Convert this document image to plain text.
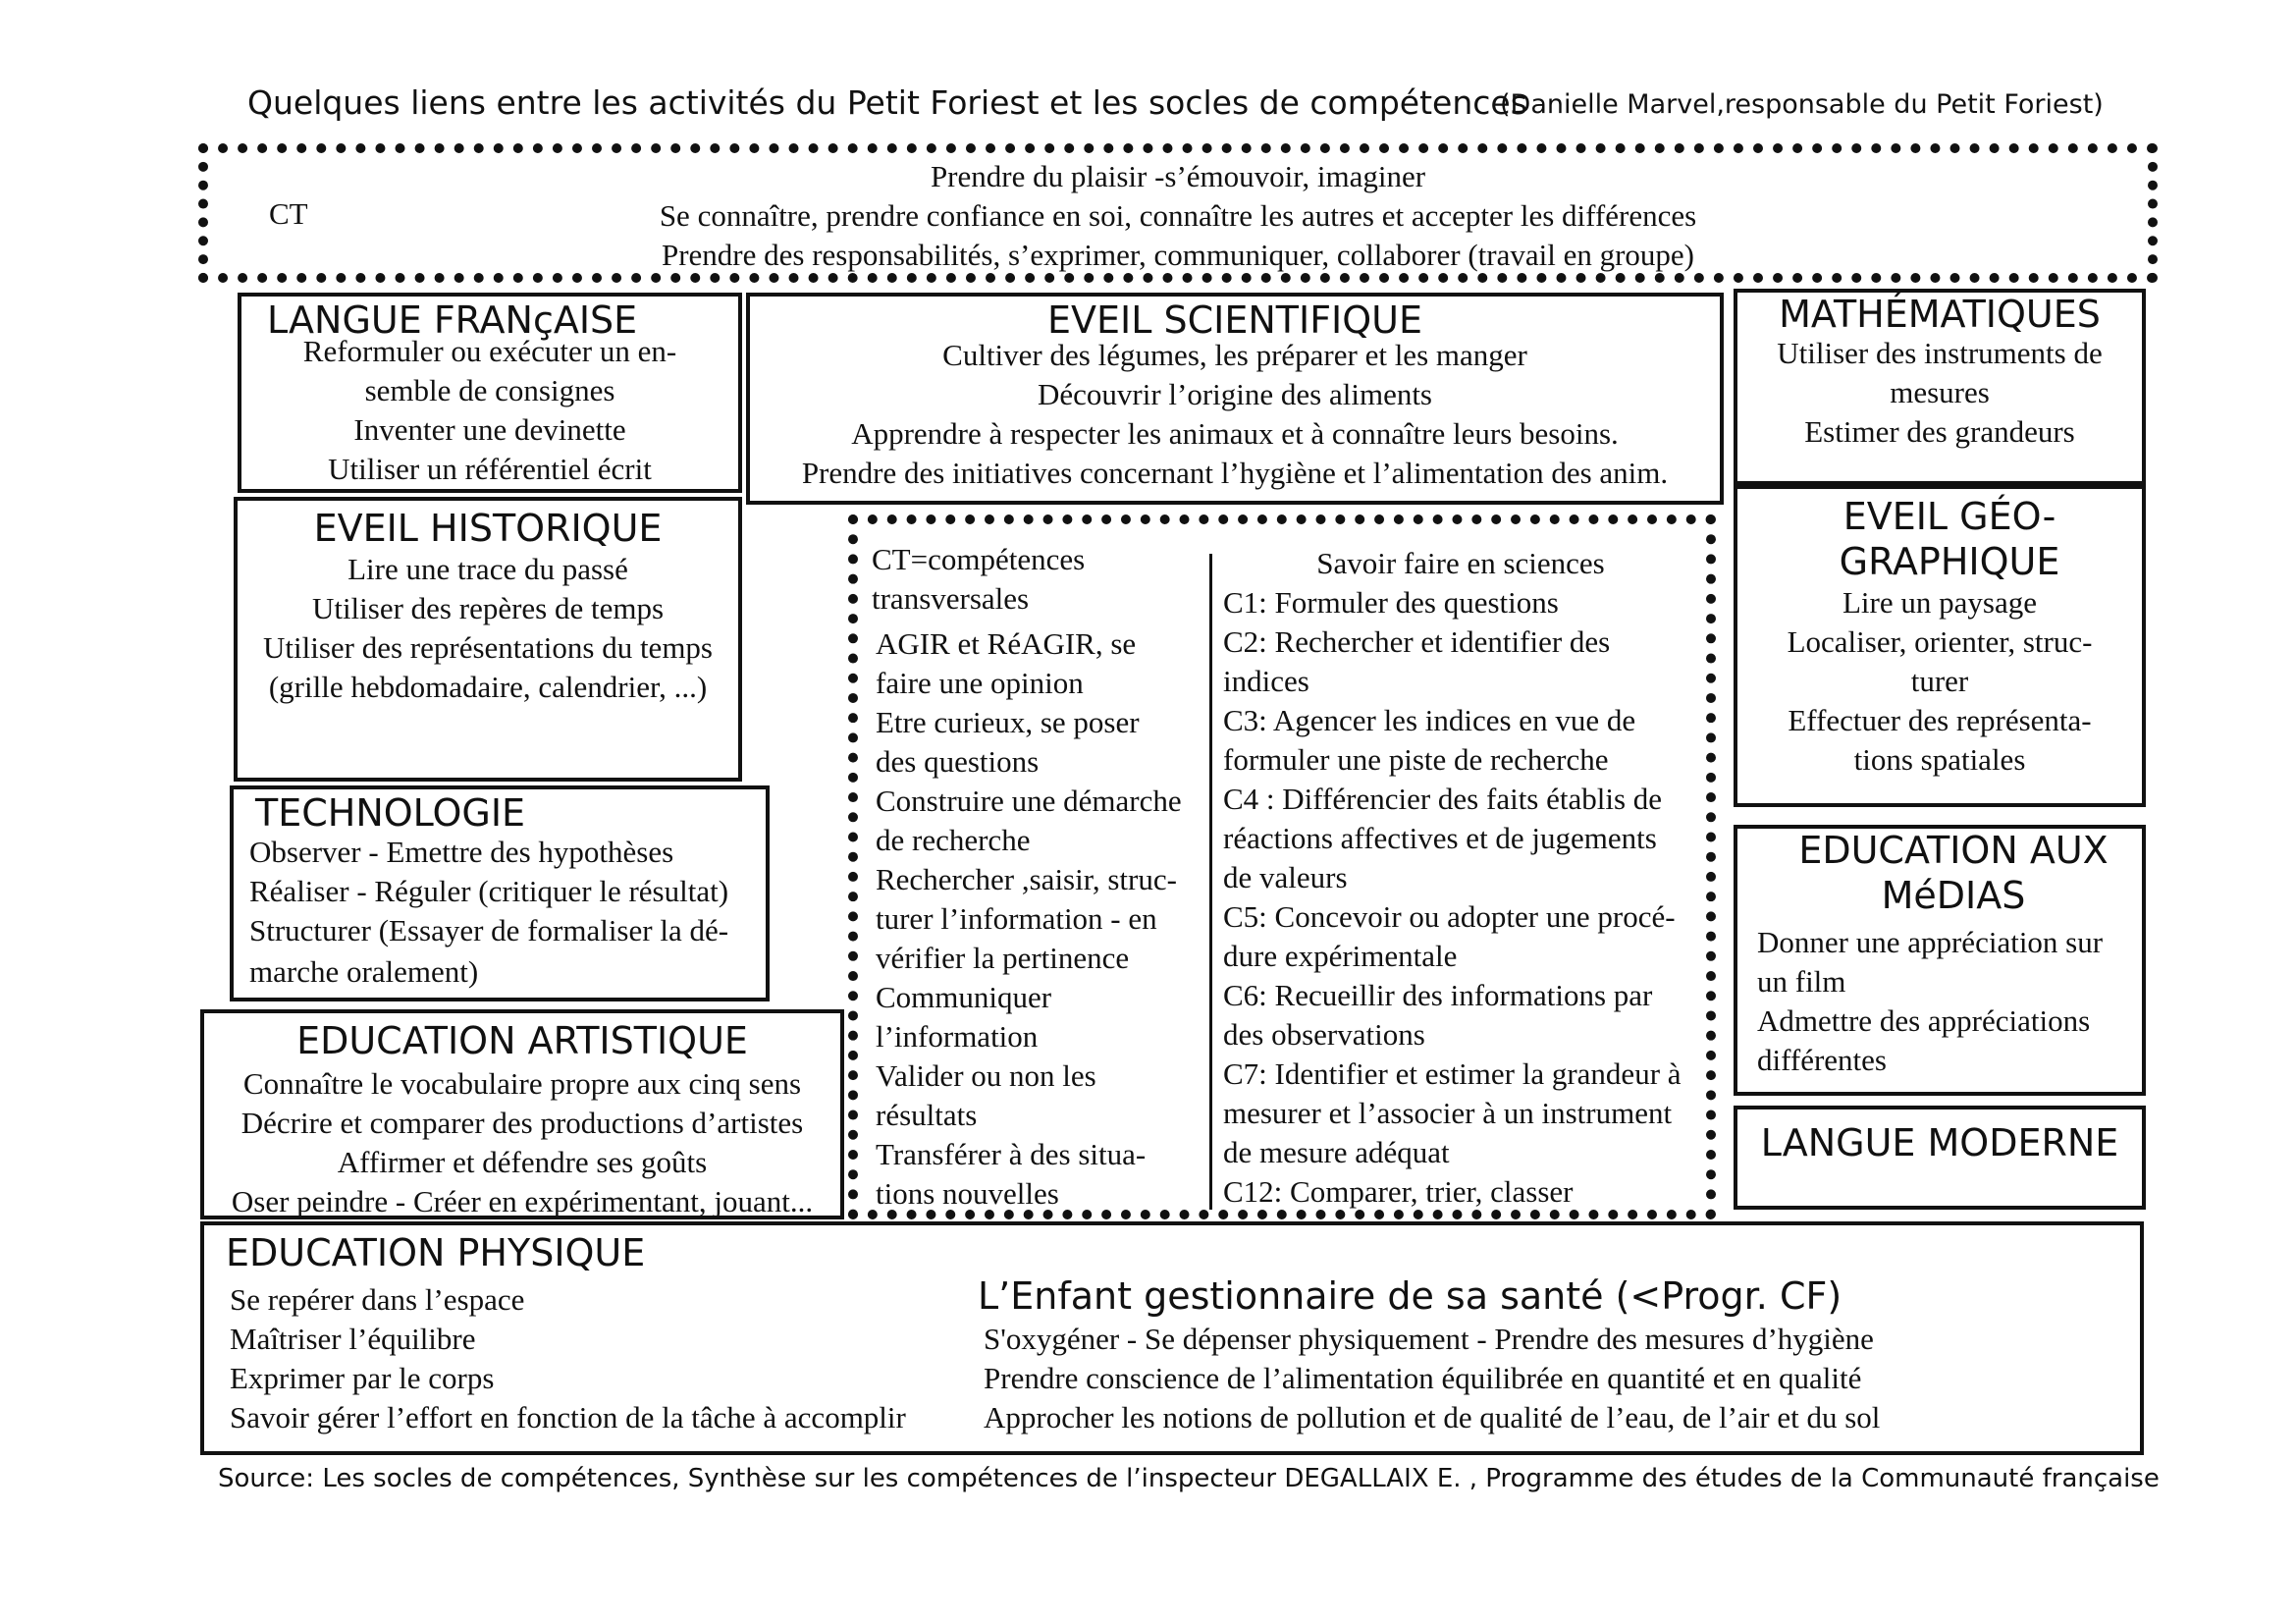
Quelques liens entre les activités du Petit Foriest et les socles de compétences
(Danielle Marvel,responsable du Petit Foriest)
CT
Prendre du plaisir -s’émouvoir, imaginer
Se connaître, prendre confiance en soi, connaître les autres et accepter les différences
Prendre des responsabilités, s’exprimer, communiquer, collaborer (travail en groupe)
LANGUE FRANçAISE
Reformuler ou exécuter un en-
semble de consignes
Inventer une devinette
Utiliser un référentiel écrit
EVEIL SCIENTIFIQUE
Cultiver des légumes, les préparer et les manger
Découvrir l’origine des aliments
Apprendre à respecter les animaux et à connaître leurs besoins.
Prendre des initiatives concernant l’hygiène et l’alimentation des anim.
MATHÉMATIQUES
Utiliser des instruments de
mesures
Estimer des grandeurs
EVEIL HISTORIQUE
Lire une trace du passé
Utiliser des repères de temps
Utiliser des représentations du temps
(grille hebdomadaire, calendrier, ...)
EVEIL GÉO-
GRAPHIQUE
Lire un paysage
Localiser, orienter, struc-
turer
Effectuer des représenta-
tions spatiales
CT=compétences
transversales
AGIR et RéAGIR, se
faire une opinion
Etre curieux, se poser
des questions
Construire une démarche
de recherche
Rechercher ,saisir, struc-
turer l’information - en
vérifier la pertinence
Communiquer
l’information
Valider ou non les
résultats
Transférer à des situa-
tions nouvelles
Savoir faire en sciences
C1: Formuler des questions
C2: Rechercher et identifier des
indices
C3: Agencer les indices en vue de
formuler une piste de recherche
C4 : Différencier des faits établis de
réactions affectives et de jugements
de valeurs
C5: Concevoir ou adopter une procé-
dure expérimentale
C6: Recueillir des informations par
des observations
C7: Identifier et estimer la grandeur à
mesurer et l’associer à un instrument
de mesure adéquat
C12: Comparer, trier, classer
TECHNOLOGIE
Observer - Emettre des hypothèses
Réaliser - Réguler (critiquer le résultat)
Structurer (Essayer de formaliser la dé-
marche oralement)
EDUCATION AUX
MéDIAS
Donner une appréciation sur
un film
Admettre des appréciations
différentes
EDUCATION ARTISTIQUE
Connaître le vocabulaire propre aux cinq sens
Décrire et comparer des productions d’artistes
Affirmer et défendre ses goûts
Oser peindre - Créer en expérimentant, jouant...
LANGUE MODERNE
EDUCATION PHYSIQUE
Se repérer dans l’espace
Maîtriser l’équilibre
Exprimer par le corps
Savoir gérer l’effort en fonction de la tâche à accomplir
L’Enfant gestionnaire de sa santé (<Progr. CF)
S'oxygéner - Se dépenser physiquement - Prendre des mesures d’hygiène
Prendre conscience de l’alimentation équilibrée en quantité et en qualité
Approcher les notions de pollution et de qualité de l’eau, de l’air et du sol
Source: Les socles de compétences, Synthèse sur les compétences de l’inspecteur DEGALLAIX E. , Programme des études de la Communauté française
